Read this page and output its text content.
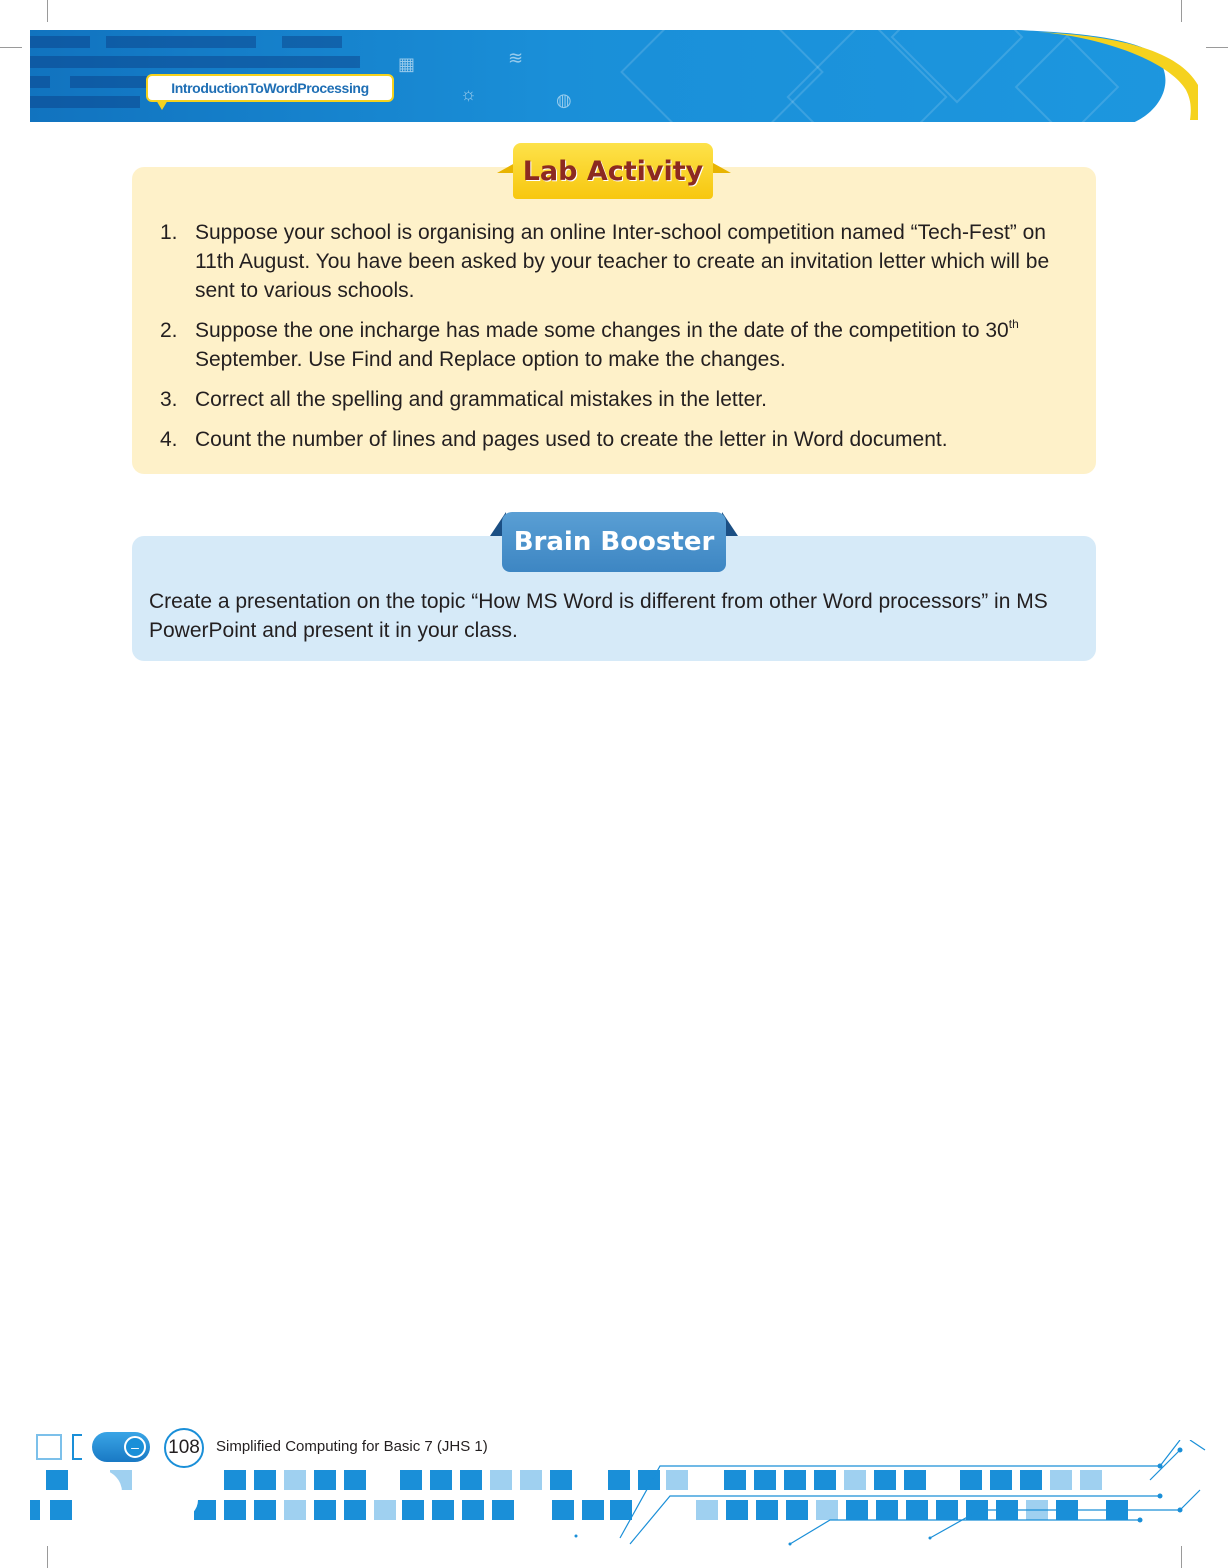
▦	≋
☼	◍
IntroductionToWordProcessing
Lab Activity
1. Suppose your school is organising an online Inter-school competition named “Tech-Fest” on 11th August. You have been asked by your teacher to create an invitation letter which will be sent to various schools.
2. Suppose the one incharge has made some changes in the date of the competition to 30th September. Use Find and Replace option to make the changes.
3. Correct all the spelling and grammatical mistakes in the letter.
4. Count the number of lines and pages used to create the letter in Word document.
Brain Booster

Create a presentation on the topic “How MS Word is different from other Word processors” in MS PowerPoint and present it in your class.

–	108 Simplified Computing for Basic 7 (JHS 1)
